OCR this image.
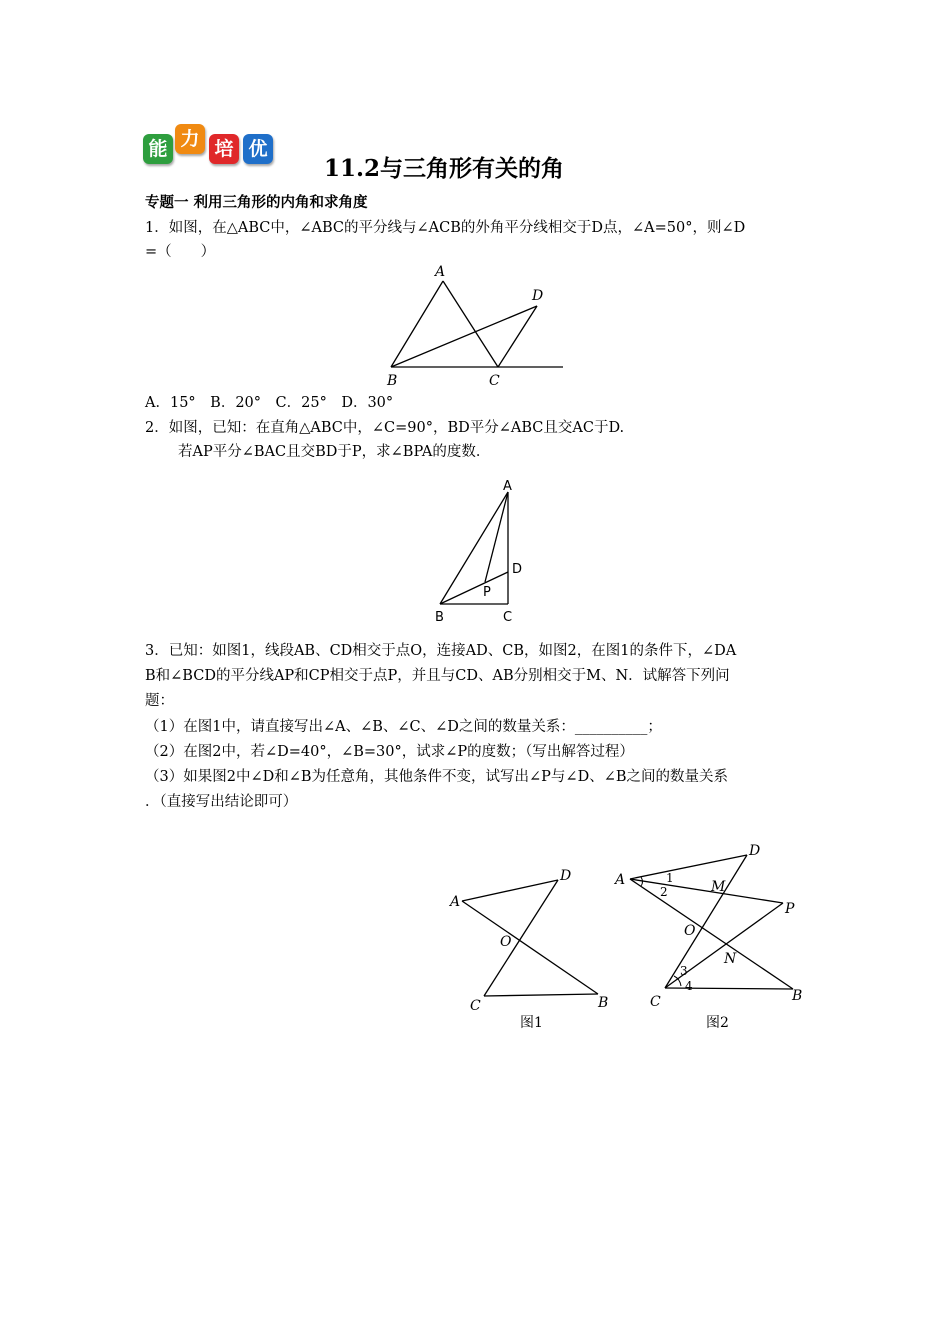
能 力 培 优
11.2与三角形有关的角
专题一 利用三角形的内角和求角度
1．如图，在△ABC中，∠ABC的平分线与∠ACB的外角平分线相交于D点，∠A=50°，则∠D
=（　　）
A
B	C
D
A．15°　B．20°　C．25°　D．30°
2．如图，已知：在直角△ABC中，∠C=90°，BD平分∠ABC且交AC于D.
若AP平分∠BAC且交BD于P，求∠BPA的度数．
A
B	C
D
P
3．已知：如图1，线段AB、CD相交于点O，连接AD、CB，如图2，在图1的条件下，∠DA
B和∠BCD的平分线AP和CP相交于点P，并且与CD、AB分别相交于M、N．试解答下列问
题：
（1）在图1中，请直接写出∠A、∠B、∠C、∠D之间的数量关系：__________；
（2）在图2中，若∠D=40°，∠B=30°，试求∠P的度数；（写出解答过程）
（3）如果图2中∠D和∠B为任意角，其他条件不变，试写出∠P与∠D、∠B之间的数量关系
．（直接写出结论即可）
A
D
O
C	B
图1
A
D
M
P
O
N
C	B
1
2
3
4
图2
